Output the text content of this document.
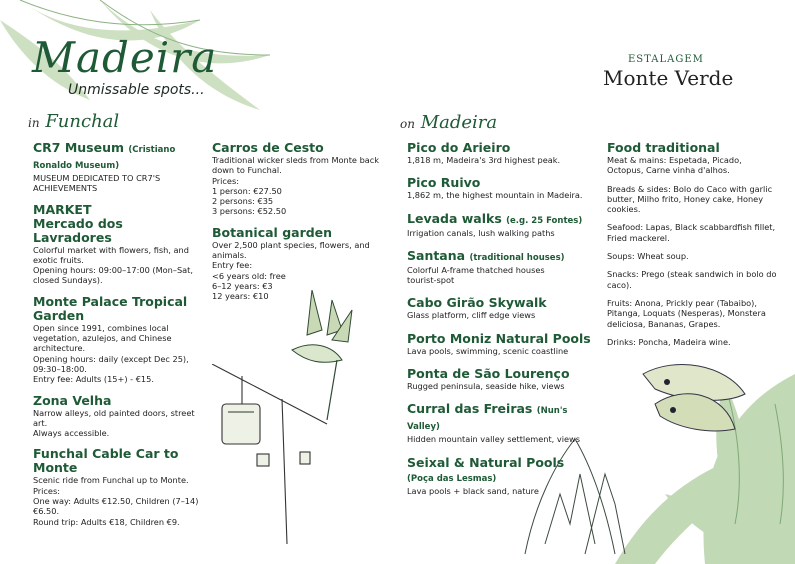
Madeira
Unmissable spots...
in Funchal	on Madeira
ESTALAGEM
Monte Verde
CR7 Museum (Cristiano Ronaldo Museum)
MUSEUM DEDICATED TO CR7'S ACHIEVEMENTS
MARKET
Mercado dos Lavradores
Colorful market with flowers, fish, and exotic fruits.
Opening hours: 09:00–17:00 (Mon–Sat, closed Sundays).
Monte Palace Tropical Garden
Open since 1991, combines local vegetation, azulejos, and Chinese architecture.
Opening hours: daily (except Dec 25), 09:30–18:00.
Entry fee: Adults (15+) - €15.
Zona Velha
Narrow alleys, old painted doors, street art.
Always accessible.
Funchal Cable Car to Monte
Scenic ride from Funchal up to Monte.
Prices:
One way: Adults €12.50, Children (7–14) €6.50.
Round trip: Adults €18, Children €9.
Carros de Cesto
Traditional wicker sleds from Monte back down to Funchal.
Prices:
1 person: €27.50
2 persons: €35
3 persons: €52.50
Botanical garden
Over 2,500 plant species, flowers, and animals.
Entry fee:
<6 years old: free
6–12 years: €3
12 years: €10
Pico do Arieiro
1,818 m, Madeira's 3rd highest peak.
Pico Ruivo
1,862 m, the highest mountain in Madeira.
Levada walks (e.g. 25 Fontes)
Irrigation canals, lush walking paths
Santana (traditional houses)
Colorful A-frame thatched houses
tourist-spot
Cabo Girão Skywalk
Glass platform, cliff edge views
Porto Moniz Natural Pools
Lava pools, swimming, scenic coastline
Ponta de São Lourenço
Rugged peninsula, seaside hike, views
Curral das Freiras (Nun's Valley)
Hidden mountain valley settlement, views
Seixal & Natural Pools (Poça das Lesmas)
Lava pools + black sand, nature
Food traditional
Meat & mains: Espetada, Picado, Octopus, Carne vinha d'alhos.
Breads & sides: Bolo do Caco with garlic butter, Milho frito, Honey cake, Honey cookies.
Seafood: Lapas, Black scabbardfish fillet, Fried mackerel.
Soups: Wheat soup.
Snacks: Prego (steak sandwich in bolo do caco).
Fruits: Anona, Prickly pear (Tabaibo), Pitanga, Loquats (Nesperas), Monstera deliciosa, Bananas, Grapes.
Drinks: Poncha, Madeira wine.
